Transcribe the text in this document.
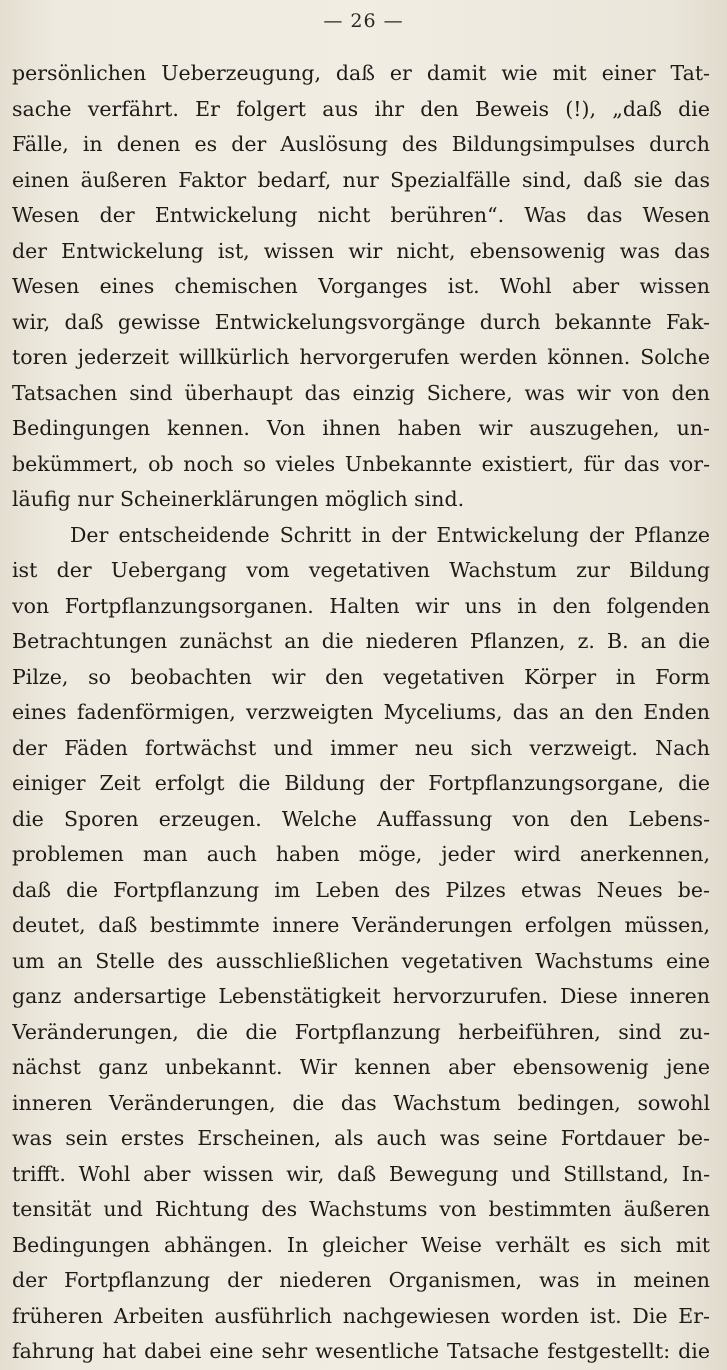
— 26 —
persönlichen Ueberzeugung, daß er damit wie mit einer Tat-
sache verfährt. Er folgert aus ihr den Beweis (!), „daß die
Fälle, in denen es der Auslösung des Bildungsimpulses durch
einen äußeren Faktor bedarf, nur Spezialfälle sind, daß sie das
Wesen der Entwickelung nicht berühren“. Was das Wesen
der Entwickelung ist, wissen wir nicht, ebensowenig was das
Wesen eines chemischen Vorganges ist. Wohl aber wissen
wir, daß gewisse Entwickelungsvorgänge durch bekannte Fak-
toren jederzeit willkürlich hervorgerufen werden können. Solche
Tatsachen sind überhaupt das einzig Sichere, was wir von den
Bedingungen kennen. Von ihnen haben wir auszugehen, un-
bekümmert, ob noch so vieles Unbekannte existiert, für das vor-
läufig nur Scheinerklärungen möglich sind.
Der entscheidende Schritt in der Entwickelung der Pflanze
ist der Uebergang vom vegetativen Wachstum zur Bildung
von Fortpflanzungsorganen. Halten wir uns in den folgenden
Betrachtungen zunächst an die niederen Pflanzen, z. B. an die
Pilze, so beobachten wir den vegetativen Körper in Form
eines fadenförmigen, verzweigten Myceliums, das an den Enden
der Fäden fortwächst und immer neu sich verzweigt. Nach
einiger Zeit erfolgt die Bildung der Fortpflanzungsorgane, die
die Sporen erzeugen. Welche Auffassung von den Lebens-
problemen man auch haben möge, jeder wird anerkennen,
daß die Fortpflanzung im Leben des Pilzes etwas Neues be-
deutet, daß bestimmte innere Veränderungen erfolgen müssen,
um an Stelle des ausschließlichen vegetativen Wachstums eine
ganz andersartige Lebenstätigkeit hervorzurufen. Diese inneren
Veränderungen, die die Fortpflanzung herbeiführen, sind zu-
nächst ganz unbekannt. Wir kennen aber ebensowenig jene
inneren Veränderungen, die das Wachstum bedingen, sowohl
was sein erstes Erscheinen, als auch was seine Fortdauer be-
trifft. Wohl aber wissen wir, daß Bewegung und Stillstand, In-
tensität und Richtung des Wachstums von bestimmten äußeren
Bedingungen abhängen. In gleicher Weise verhält es sich mit
der Fortpflanzung der niederen Organismen, was in meinen
früheren Arbeiten ausführlich nachgewiesen worden ist. Die Er-
fahrung hat dabei eine sehr wesentliche Tatsache festgestellt: die
